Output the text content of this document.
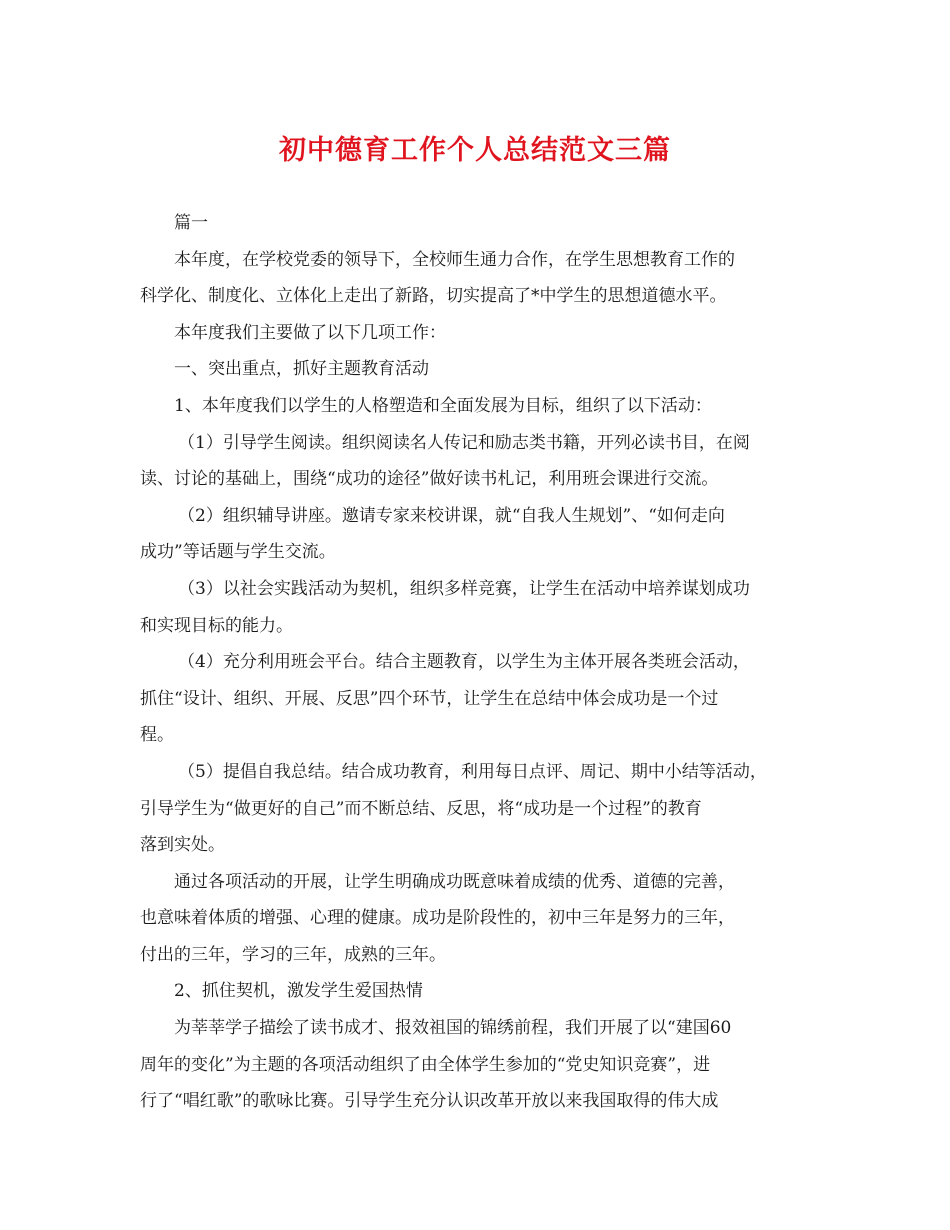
初中德育工作个人总结范文三篇

篇一

本年度，在学校党委的领导下，全校师生通力合作，在学生思想教育工作的
科学化、制度化、立体化上走出了新路，切实提高了*中学生的思想道德水平。

本年度我们主要做了以下几项工作：

一、突出重点，抓好主题教育活动

1、本年度我们以学生的人格塑造和全面发展为目标，组织了以下活动：

（1）引导学生阅读。组织阅读名人传记和励志类书籍，开列必读书目，在阅
读、讨论的基础上，围绕“成功的途径”做好读书札记，利用班会课进行交流。

（2）组织辅导讲座。邀请专家来校讲课，就“自我人生规划”、“如何走向
成功”等话题与学生交流。

（3）以社会实践活动为契机，组织多样竞赛，让学生在活动中培养谋划成功
和实现目标的能力。

（4）充分利用班会平台。结合主题教育，以学生为主体开展各类班会活动，
抓住“设计、组织、开展、反思”四个环节，让学生在总结中体会成功是一个过
程。

（5）提倡自我总结。结合成功教育，利用每日点评、周记、期中小结等活动，
引导学生为“做更好的自己”而不断总结、反思，将“成功是一个过程”的教育
落到实处。

通过各项活动的开展，让学生明确成功既意味着成绩的优秀、道德的完善，
也意味着体质的增强、心理的健康。成功是阶段性的，初中三年是努力的三年，
付出的三年，学习的三年，成熟的三年。

2、抓住契机，激发学生爱国热情

为莘莘学子描绘了读书成才、报效祖国的锦绣前程，我们开展了以“建国60
周年的变化”为主题的各项活动组织了由全体学生参加的“党史知识竞赛”，进
行了“唱红歌”的歌咏比赛。引导学生充分认识改革开放以来我国取得的伟大成
